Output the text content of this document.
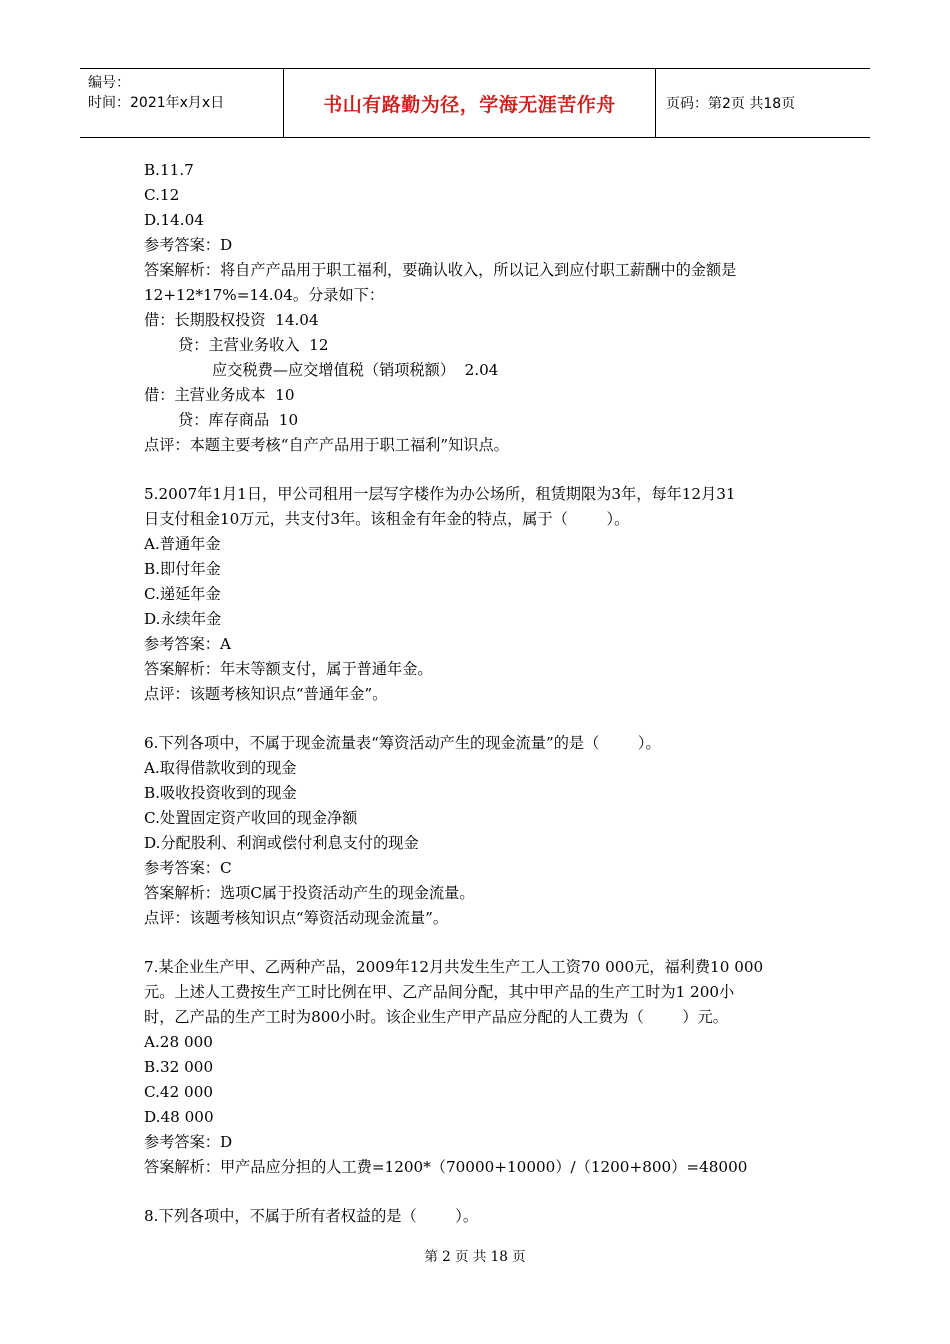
编号：
时间：2021年x月x日	书山有路勤为径，学海无涯苦作舟	页码：第2页 共18页
B.11.7
C.12
D.14.04
参考答案：D
答案解析：将自产产品用于职工福利，要确认收入，所以记入到应付职工薪酬中的金额是
12+12*17%=14.04。分录如下：
借：长期股权投资  14.04
贷：主营业务收入  12
应交税费—应交增值税（销项税额）  2.04
借：主营业务成本  10
贷：库存商品  10
点评：本题主要考核“自产产品用于职工福利”知识点。
5.2007年1月1日，甲公司租用一层写字楼作为办公场所，租赁期限为3年，每年12月31
日支付租金10万元，共支付3年。该租金有年金的特点，属于（        ）。
A.普通年金
B.即付年金
C.递延年金
D.永续年金
参考答案：A
答案解析：年末等额支付，属于普通年金。
点评：该题考核知识点“普通年金”。
6.下列各项中，不属于现金流量表“筹资活动产生的现金流量”的是（        ）。
A.取得借款收到的现金
B.吸收投资收到的现金
C.处置固定资产收回的现金净额
D.分配股利、利润或偿付利息支付的现金
参考答案：C
答案解析：选项C属于投资活动产生的现金流量。
点评：该题考核知识点“筹资活动现金流量”。
7.某企业生产甲、乙两种产品，2009年12月共发生生产工人工资70 000元，福利费10 000
元。上述人工费按生产工时比例在甲、乙产品间分配，其中甲产品的生产工时为1 200小
时，乙产品的生产工时为800小时。该企业生产甲产品应分配的人工费为（        ）元。
A.28 000
B.32 000
C.42 000
D.48 000
参考答案：D
答案解析：甲产品应分担的人工费=1200*（70000+10000）/（1200+800）=48000
8.下列各项中，不属于所有者权益的是（        ）。
第 2 页 共 18 页
